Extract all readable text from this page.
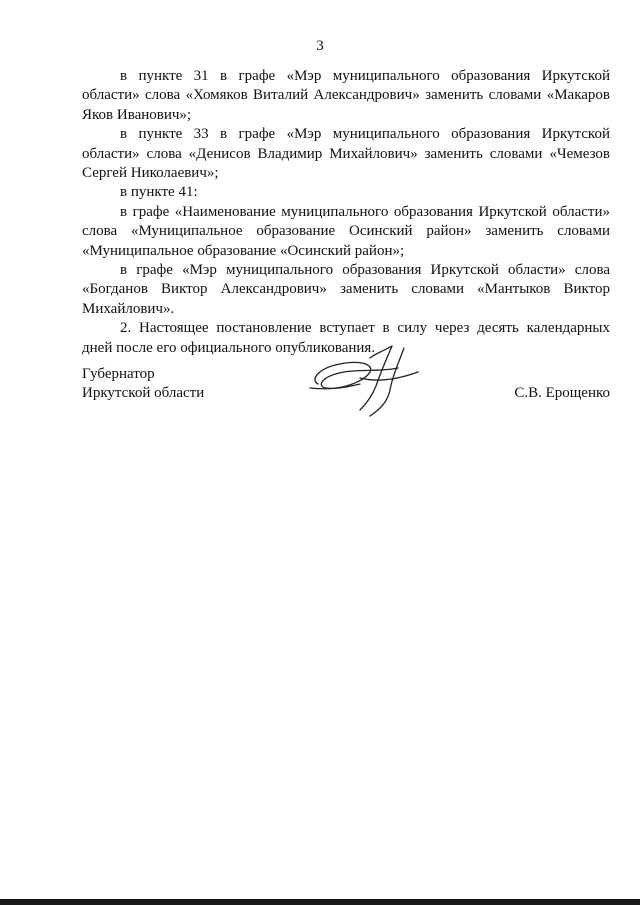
3

в пункте 31 в графе «Мэр муниципального образования Иркутской области» слова «Хомяков Виталий Александрович» заменить словами «Макаров Яков Иванович»;

в пункте 33 в графе «Мэр муниципального образования Иркутской области» слова «Денисов Владимир Михайлович» заменить словами «Чемезов Сергей Николаевич»;

в пункте 41:

в графе «Наименование муниципального образования Иркутской области» слова «Муниципальное образование Осинский район» заменить словами «Муниципальное образование «Осинский район»;

в графе «Мэр муниципального образования Иркутской области» слова «Богданов Виктор Александрович» заменить словами «Мантыков Виктор Михайлович».

2. Настоящее постановление вступает в силу через десять календарных дней после его официального опубликования.

Губернатор
Иркутской области	С.В. Ерощенко
